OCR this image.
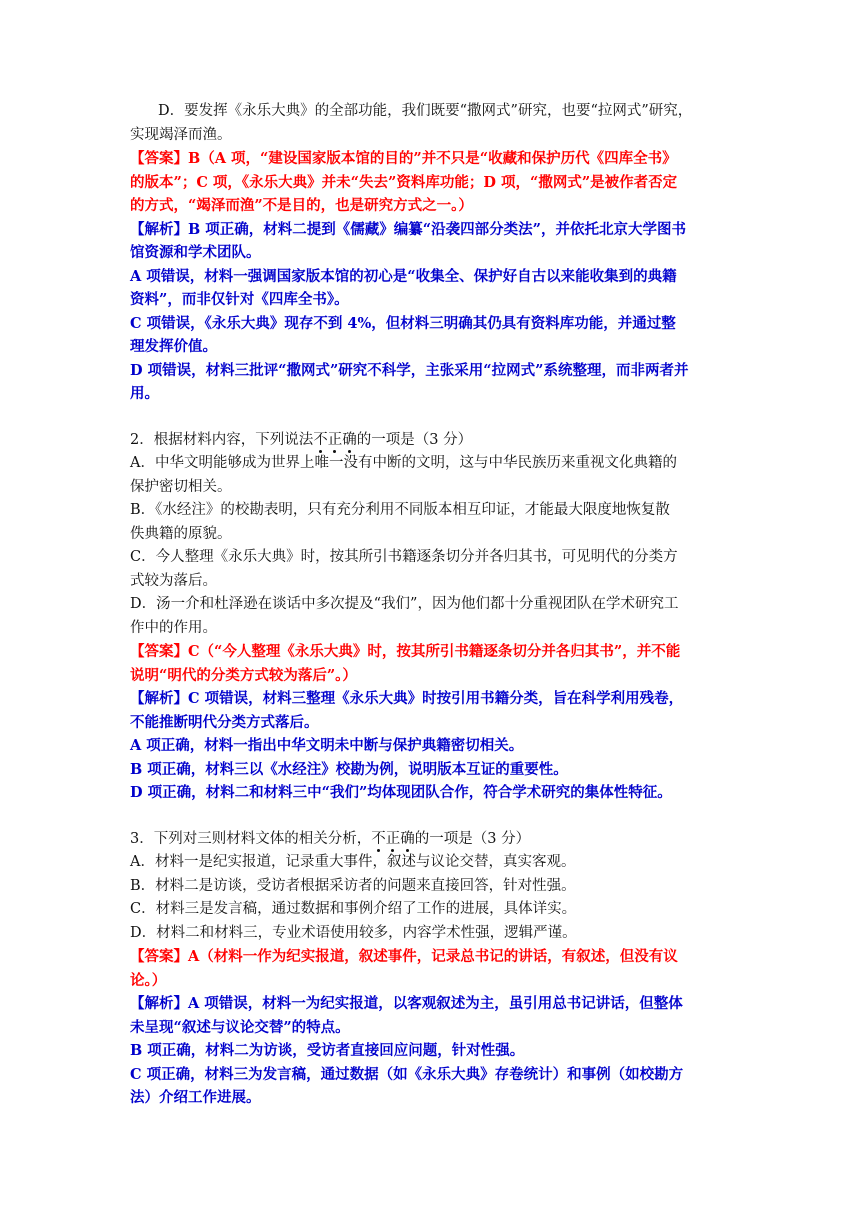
D．要发挥《永乐大典》的全部功能，我们既要“撒网式”研究，也要“拉网式”研究，
实现竭泽而渔。
【答案】B（A 项，“建设国家版本馆的目的”并不只是“收藏和保护历代《四库全书》
的版本”；C 项，《永乐大典》并未“失去”资料库功能；D 项，“撒网式”是被作者否定
的方式，“竭泽而渔”不是目的，也是研究方式之一。）
【解析】B 项正确，材料二提到《儒藏》编纂“沿袭四部分类法”，并依托北京大学图书
馆资源和学术团队。
A 项错误，材料一强调国家版本馆的初心是“收集全、保护好自古以来能收集到的典籍
资料”，而非仅针对《四库全书》。
C 项错误，《永乐大典》现存不到 4%，但材料三明确其仍具有资料库功能，并通过整
理发挥价值。
D 项错误，材料三批评“撒网式”研究不科学，主张采用“拉网式”系统整理，而非两者并
用。
2．根据材料内容，下列说法不正确的一项是（3 分）
A．中华文明能够成为世界上唯一没有中断的文明，这与中华民族历来重视文化典籍的
保护密切相关。
B．《水经注》的校勘表明，只有充分利用不同版本相互印证，才能最大限度地恢复散
佚典籍的原貌。
C．今人整理《永乐大典》时，按其所引书籍逐条切分并各归其书，可见明代的分类方
式较为落后。
D．汤一介和杜泽逊在谈话中多次提及“我们”，因为他们都十分重视团队在学术研究工
作中的作用。
【答案】C（“今人整理《永乐大典》时，按其所引书籍逐条切分并各归其书”，并不能
说明“明代的分类方式较为落后”。）
【解析】C 项错误，材料三整理《永乐大典》时按引用书籍分类，旨在科学利用残卷，
不能推断明代分类方式落后。
A 项正确，材料一指出中华文明未中断与保护典籍密切相关。
B 项正确，材料三以《水经注》校勘为例，说明版本互证的重要性。
D 项正确，材料二和材料三中“我们”均体现团队合作，符合学术研究的集体性特征。
3．下列对三则材料文体的相关分析，不正确的一项是（3 分）
A．材料一是纪实报道，记录重大事件，叙述与议论交替，真实客观。
B．材料二是访谈，受访者根据采访者的问题来直接回答，针对性强。
C．材料三是发言稿，通过数据和事例介绍了工作的进展，具体详实。
D．材料二和材料三，专业术语使用较多，内容学术性强，逻辑严谨。
【答案】A（材料一作为纪实报道，叙述事件，记录总书记的讲话，有叙述，但没有议
论。）
【解析】A 项错误，材料一为纪实报道，以客观叙述为主，虽引用总书记讲话，但整体
未呈现“叙述与议论交替”的特点。
B 项正确，材料二为访谈，受访者直接回应问题，针对性强。
C 项正确，材料三为发言稿，通过数据（如《永乐大典》存卷统计）和事例（如校勘方
法）介绍工作进展。
